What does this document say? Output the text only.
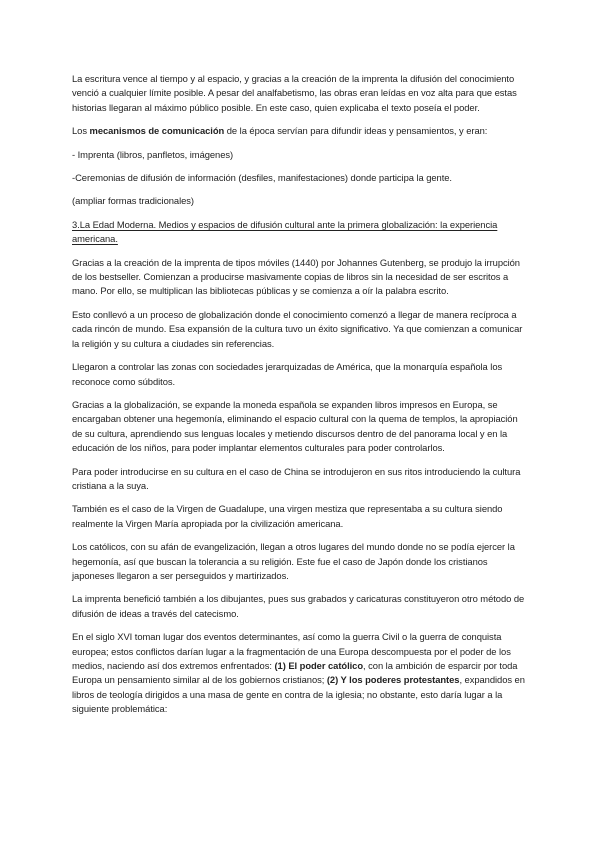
La escritura vence al tiempo y al espacio, y gracias a la creación de la imprenta la difusión del conocimiento venció a cualquier límite posible. A pesar del analfabetismo, las obras eran leídas en voz alta para que estas historias llegaran al máximo público posible. En este caso, quien explicaba el texto poseía el poder.

Los mecanismos de comunicación de la época servían para difundir ideas y pensamientos, y eran:

- Imprenta (libros, panfletos, imágenes)
-Ceremonias de difusión de información (desfiles, manifestaciones) donde participa la gente.

(ampliar formas tradicionales)

3.La Edad Moderna. Medios y espacios de difusión cultural ante la primera globalización: la experiencia americana.

Gracias a la creación de la imprenta de tipos móviles (1440) por Johannes Gutenberg, se produjo la irrupción de los bestseller. Comienzan a producirse masivamente copias de libros sin la necesidad de ser escritos a mano. Por ello, se multiplican las bibliotecas públicas y se comienza a oír la palabra escrito.

Esto conllevó a un proceso de globalización donde el conocimiento comenzó a llegar de manera recíproca a cada rincón de mundo. Esa expansión de la cultura tuvo un éxito significativo. Ya que comienzan a comunicar la religión y su cultura a ciudades sin referencias.

Llegaron a controlar las zonas con sociedades jerarquizadas de América, que la monarquía española los reconoce como súbditos.

Gracias a la globalización, se expande la moneda española se expanden libros impresos en Europa, se encargaban obtener una hegemonía, eliminando el espacio cultural con la quema de templos, la apropiación de su cultura, aprendiendo sus lenguas locales y metiendo discursos dentro de del panorama local y en la educación de los niños, para poder implantar elementos culturales para poder controlarlos.

Para poder introducirse en su cultura en el caso de China se introdujeron en sus ritos introduciendo la cultura cristiana a la suya.

También es el caso de la Virgen de Guadalupe, una virgen mestiza que representaba a su cultura siendo realmente la Virgen María apropiada por la civilización americana.

Los católicos, con su afán de evangelización, llegan a otros lugares del mundo donde no se podía ejercer la hegemonía, así que buscan la tolerancia a su religión. Este fue el caso de Japón donde los cristianos japoneses llegaron a ser perseguidos y martirizados.

La imprenta benefició también a los dibujantes, pues sus grabados y caricaturas constituyeron otro método de difusión de ideas a través del catecismo.

En el siglo XVI toman lugar dos eventos determinantes, así como la guerra Civil o la guerra de conquista europea; estos conflictos darían lugar a la fragmentación de una Europa descompuesta por el poder de los medios, naciendo así dos extremos enfrentados: (1) El poder católico, con la ambición de esparcir por toda Europa un pensamiento similar al de los gobiernos cristianos; (2) Y los poderes protestantes, expandidos en libros de teología dirigidos a una masa de gente en contra de la iglesia; no obstante, esto daría lugar a la siguiente problemática:
